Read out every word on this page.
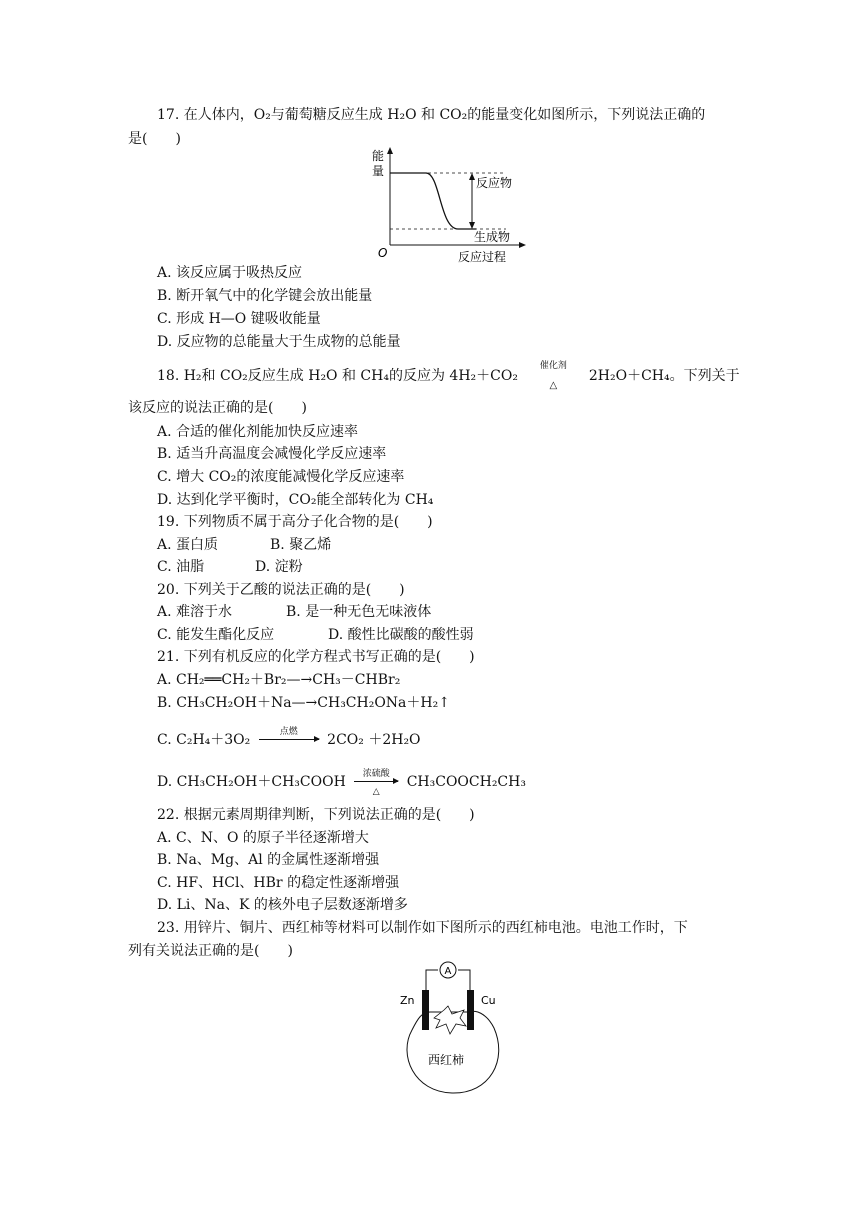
17. 在人体内，O₂与葡萄糖反应生成 H₂O 和 CO₂的能量变化如图所示，下列说法正确的
是(　　)
能
量
反应物
生成物
O	反应过程
A. 该反应属于吸热反应
B. 断开氧气中的化学键会放出能量
C. 形成 H—O 键吸收能量
D. 反应物的总能量大于生成物的总能量
18. H₂和 CO₂反应生成 H₂O 和 CH₄的反应为 4H₂＋CO₂
催化剂
△
2H₂O＋CH₄。下列关于
该反应的说法正确的是(　　)
A. 合适的催化剂能加快反应速率
B. 适当升高温度会减慢化学反应速率
C. 增大 CO₂的浓度能减慢化学反应速率
D. 达到化学平衡时，CO₂能全部转化为 CH₄
19. 下列物质不属于高分子化合物的是(　　)
A. 蛋白质	B. 聚乙烯
C. 油脂	D. 淀粉
20. 下列关于乙酸的说法正确的是(　　)
A. 难溶于水	B. 是一种无色无味液体
C. 能发生酯化反应	D. 酸性比碳酸的酸性弱
21. 下列有机反应的化学方程式书写正确的是(　　)
A. CH₂══CH₂＋Br₂—→CH₃－CHBr₂
B. CH₃CH₂OH＋Na—→CH₃CH₂ONa＋H₂↑
C. C₂H₄＋3O₂	点燃	2CO₂ ＋2H₂O
D. CH₃CH₂OH＋CH₃COOH	浓硫酸
△
CH₃COOCH₂CH₃
22. 根据元素周期律判断，下列说法正确的是(　　)
A. C、N、O 的原子半径逐渐增大
B. Na、Mg、Al 的金属性逐渐增强
C. HF、HCl、HBr 的稳定性逐渐增强
D. Li、Na、K 的核外电子层数逐渐增多
23. 用锌片、铜片、西红柿等材料可以制作如下图所示的西红柿电池。电池工作时，下
列有关说法正确的是(　　)
A
Zn	Cu
西红柿
